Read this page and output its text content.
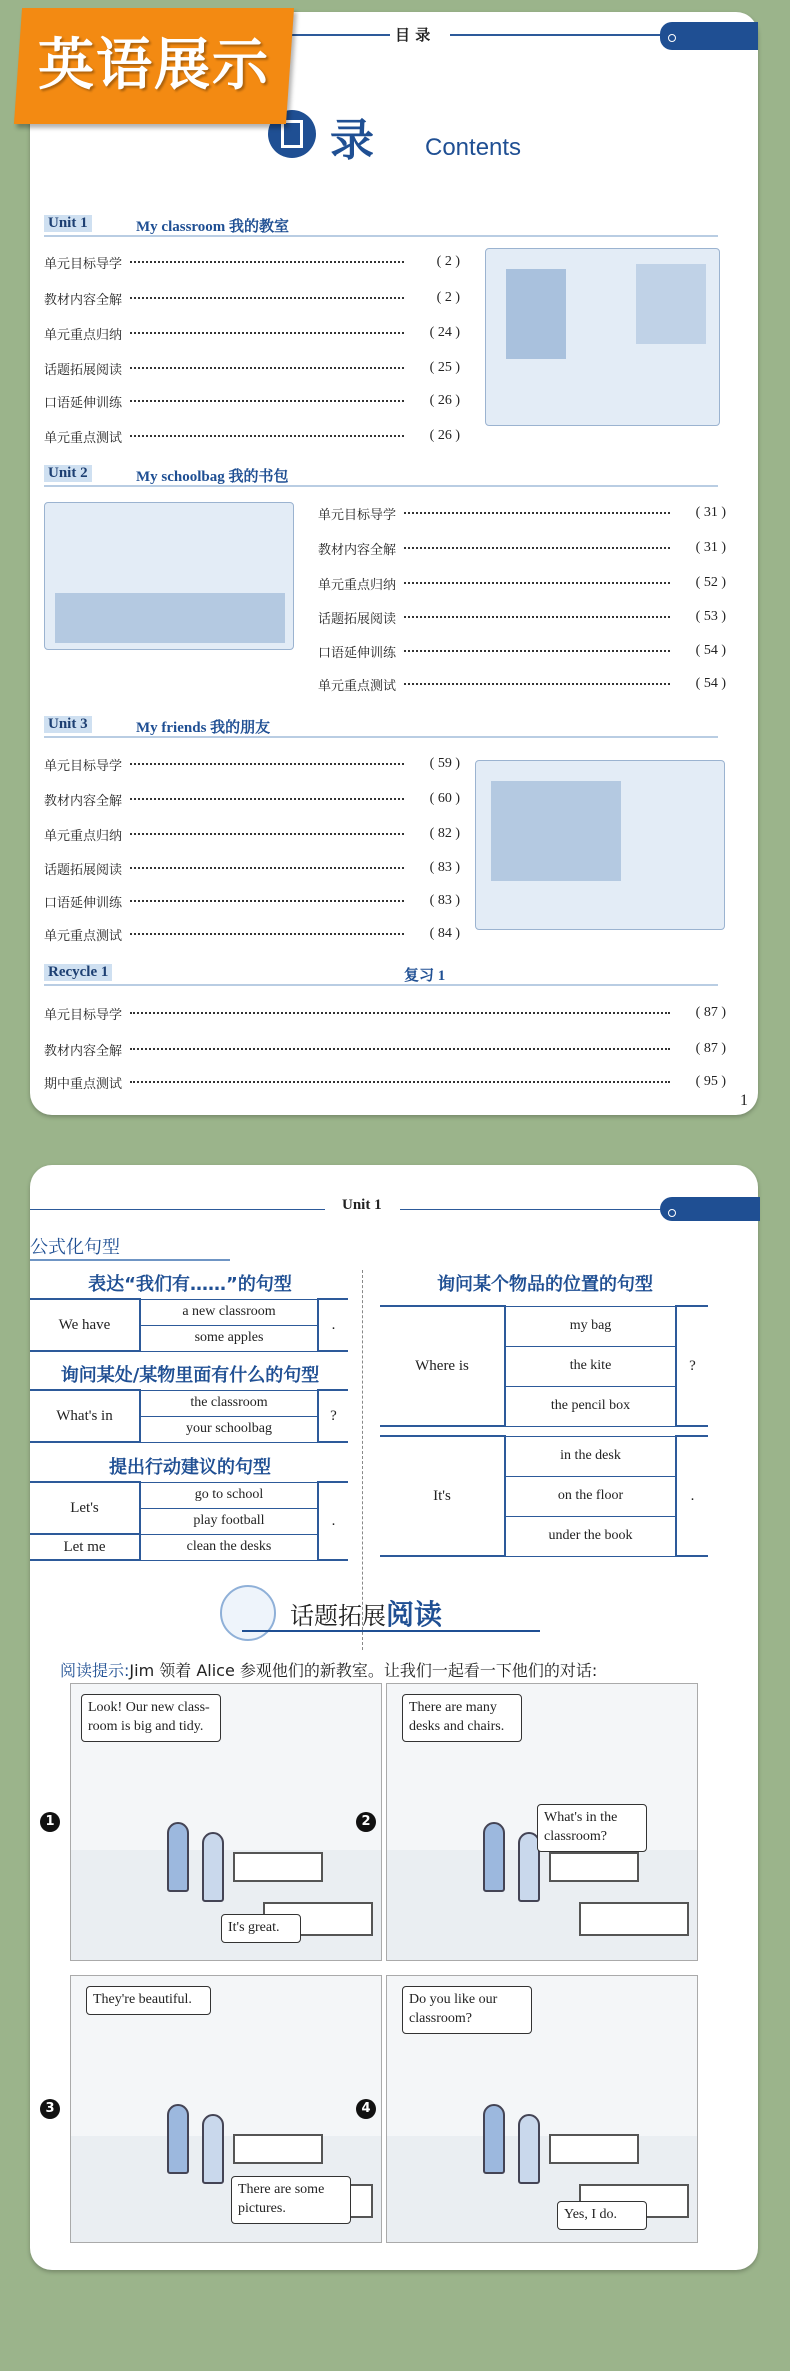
英语展示	目 录
录 Contents
Unit 1	My classroom 我的教室
单元目标导学	( 2 )
教材内容全解	( 2 )
单元重点归纳	( 24 )
话题拓展阅读	( 25 )
口语延伸训练	( 26 )
单元重点测试	( 26 )
Unit 2	My schoolbag 我的书包
单元目标导学	( 31 )
教材内容全解	( 31 )
单元重点归纳	( 52 )
话题拓展阅读	( 53 )
口语延伸训练	( 54 )
单元重点测试	( 54 )
Unit 3	My friends 我的朋友
单元目标导学	( 59 )
教材内容全解	( 60 )
单元重点归纳	( 82 )
话题拓展阅读	( 83 )
口语延伸训练	( 83 )
单元重点测试	( 84 )
Recycle 1	复习 1
单元目标导学	( 87 )
教材内容全解	( 87 )
期中重点测试	( 95 )
1
Unit 1
公式化句型
表达“我们有……”的句型
We have	a new classroom	.
some apples
询问某处/某物里面有什么的句型
What's in	the classroom	?
your schoolbag
提出行动建议的句型
Let's	go to school	.
	play football	
Let me	clean the desks	
询问某个物品的位置的句型
Where is	my bag	?
the kite
the pencil box
It's	in the desk	.
on the floor
under the book
话题拓展阅读
阅读提示:Jim 领着 Alice 参观他们的新教室。让我们一起看一下他们的对话:
1
Look! Our new class-room is big and tidy.
It's great.
2
There are many desks and chairs.
What's in the classroom?
3
They're beautiful.
There are some pictures.
4
Do you like our classroom?
Yes, I do.
